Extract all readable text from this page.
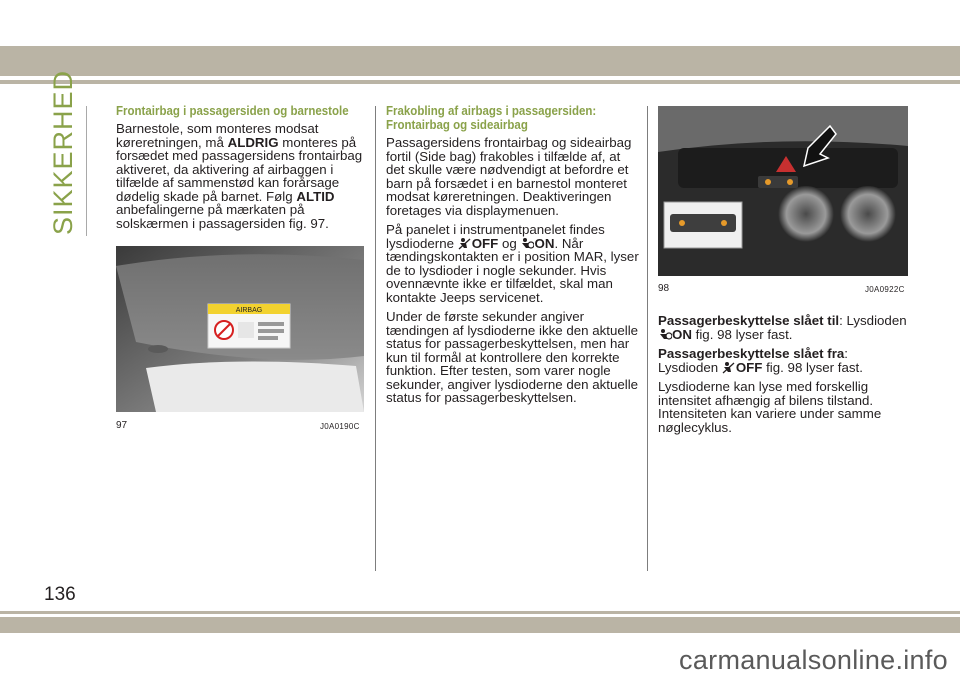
SIKKERHED	Frontairbag i passagersiden og barnestole

Barnestole, som monteres modsat køreretningen, må ALDRIG monteres på forsædet med passagersidens frontairbag aktiveret, da aktivering af airbaggen i tilfælde af sammenstød kan forårsage dødelig skade på barnet. Følg ALTID anbefalingerne på mærkaten på solskærmen i passagersiden fig. 97.

AIRBAG
97	J0A0190C
Frakobling af airbags i passagersiden:
Frontairbag og sideairbag

Passagersidens frontairbag og sideairbag fortil (Side bag) frakobles i tilfælde af, at det skulle være nødvendigt at befordre et barn på forsædet i en barnestol monteret modsat køreretningen. Deaktiveringen foretages via displaymenuen.

På panelet i instrumentpanelet findes lysdioderne OFF og ON. Når tændingskontakten er i position MAR, lyser de to lysdioder i nogle sekunder. Hvis ovennævnte ikke er tilfældet, skal man kontakte Jeeps servicenet.

Under de første sekunder angiver tændingen af lysdioderne ikke den aktuelle status for passagerbeskyttelsen, men har kun til formål at kontrollere den korrekte funktion. Efter testen, som varer nogle sekunder, angiver lysdioderne den aktuelle status for passagerbeskyttelsen.

98	J0A0922C

Passagerbeskyttelse slået til: Lysdioden ON fig. 98 lyser fast.

Passagerbeskyttelse slået fra: Lysdioden OFF fig. 98 lyser fast.

Lysdioderne kan lyse med forskellig intensitet afhængig af bilens tilstand. Intensiteten kan variere under samme nøglecyklus.

136
carmanualsonline.info
